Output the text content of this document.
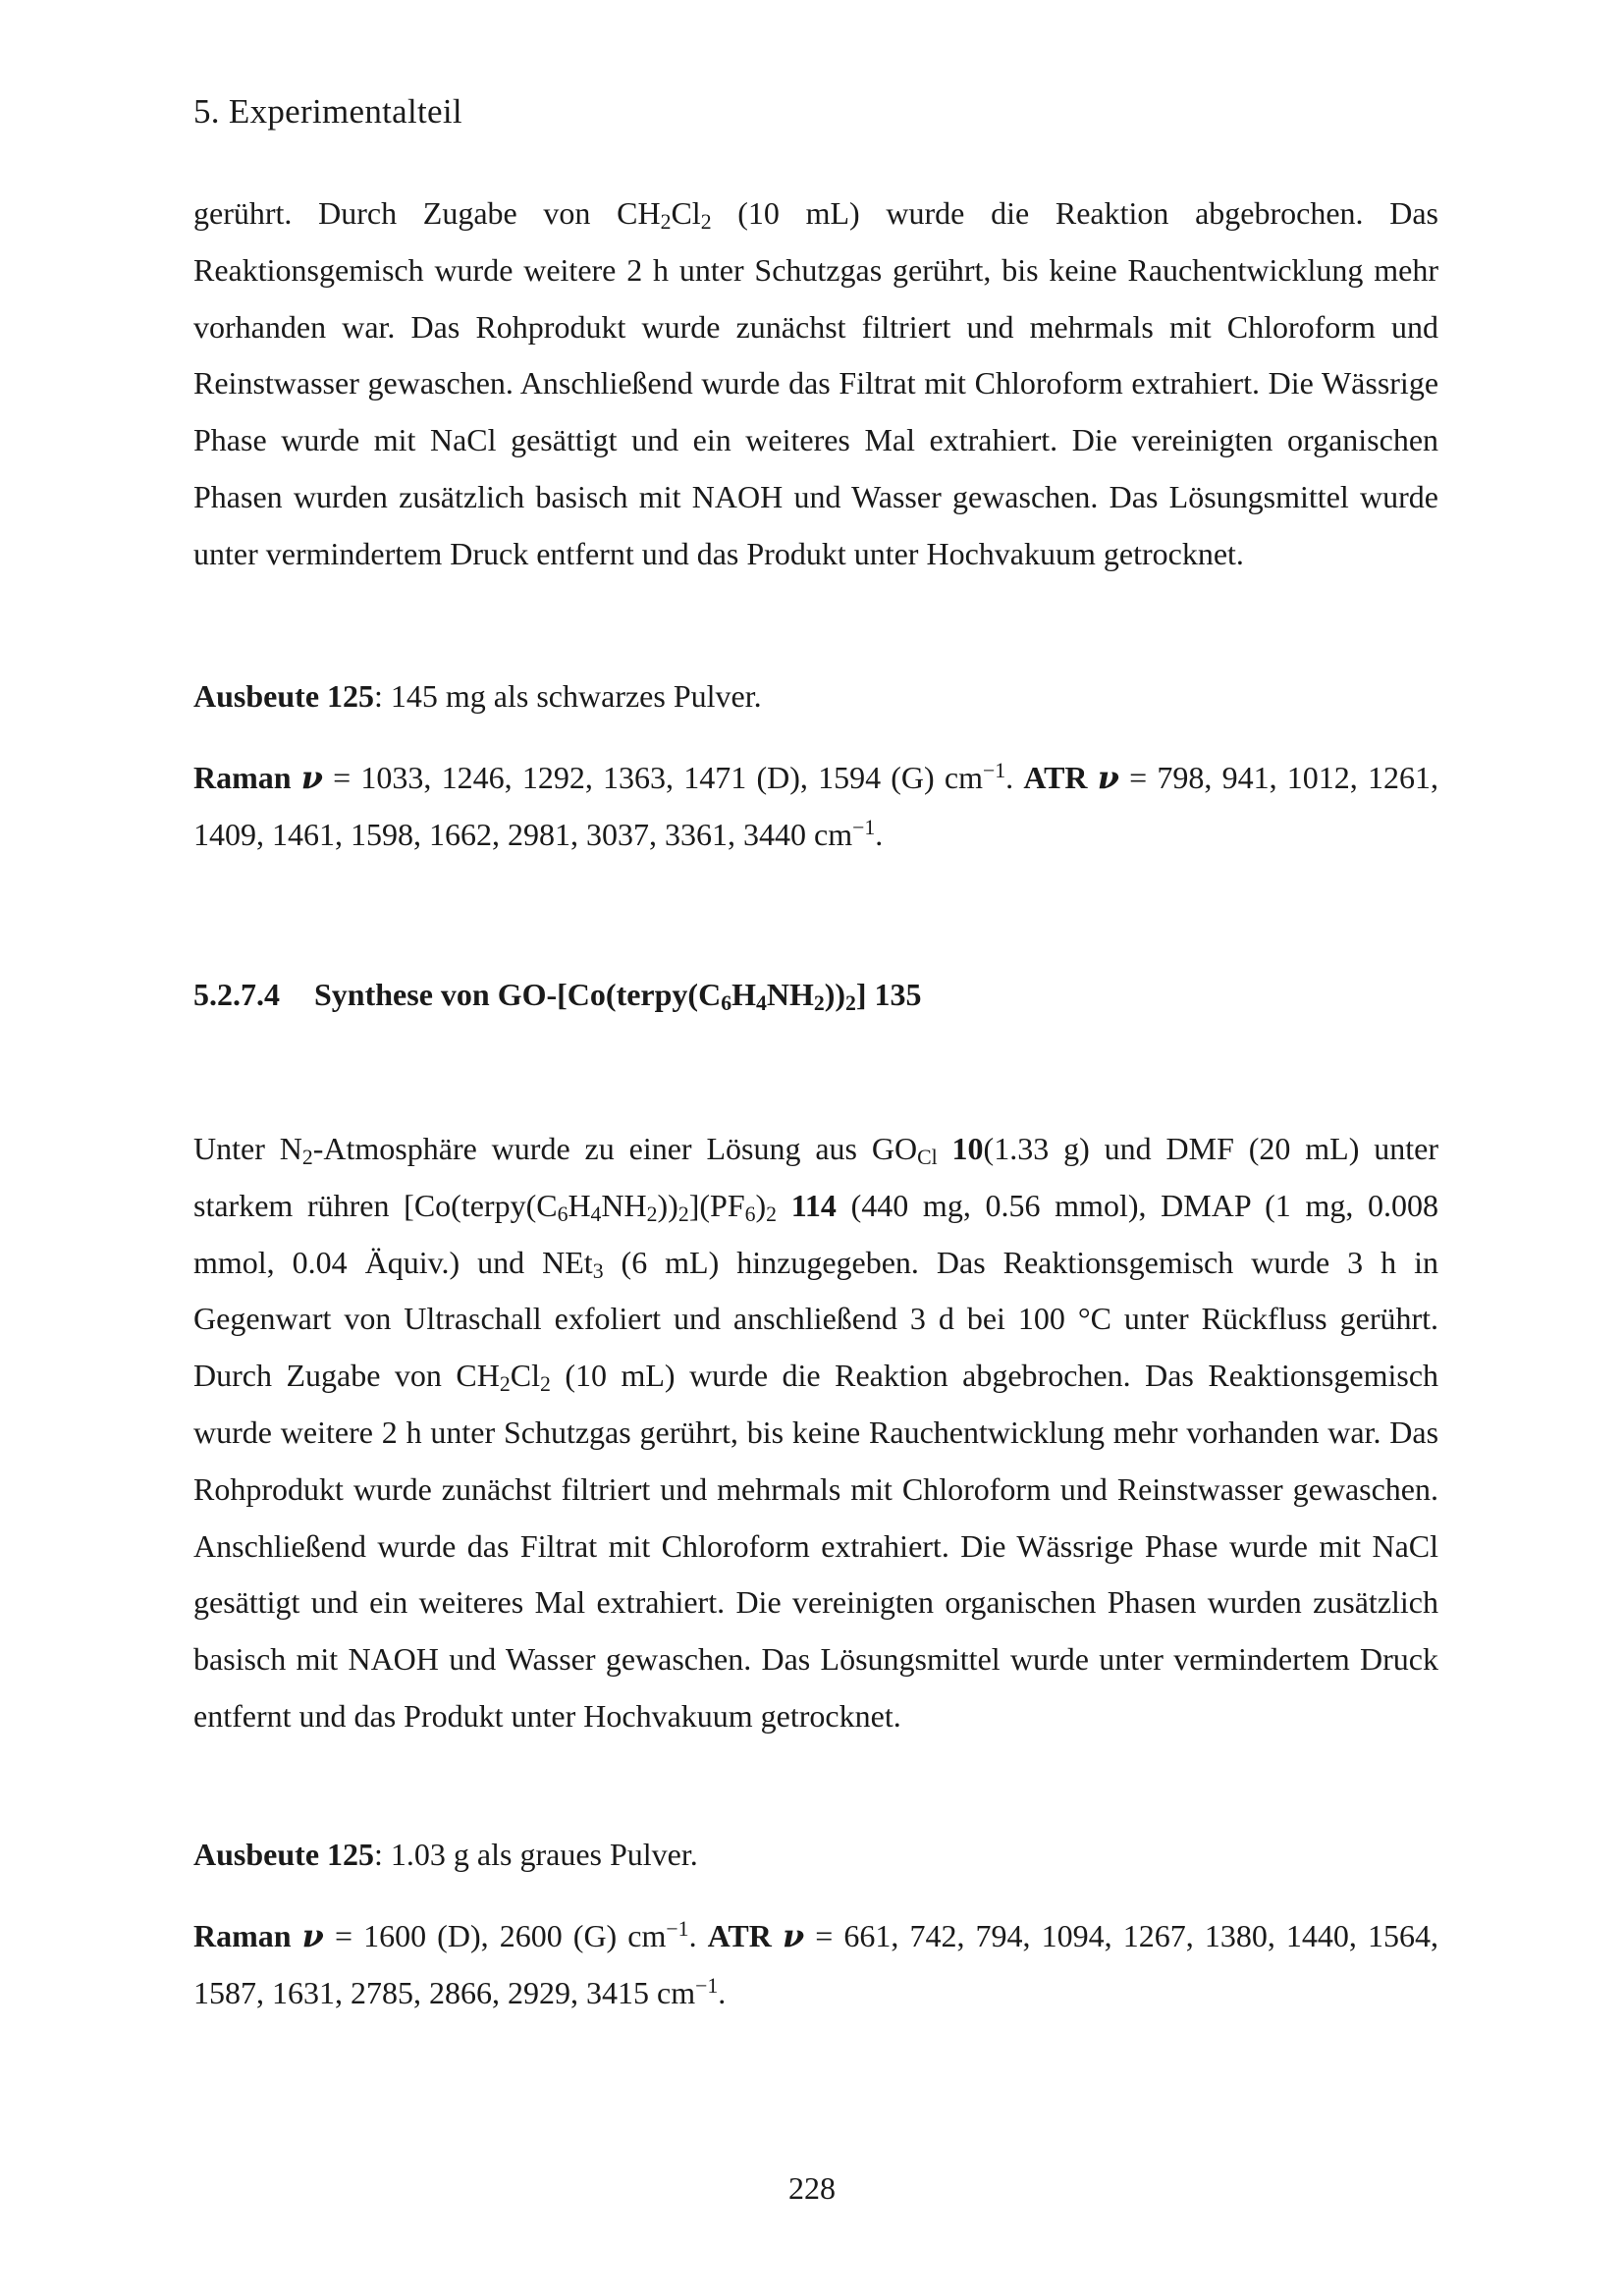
5. Experimentalteil
gerührt. Durch Zugabe von $CH_2Cl_2$ (10 mL) wurde die Reaktion abgebrochen. Das Reaktionsgemisch wurde weitere 2 h unter Schutzgas gerührt, bis keine Rauchentwicklung mehr vorhanden war. Das Rohprodukt wurde zunächst filtriert und mehrmals mit Chloroform und Reinstwasser gewaschen. Anschließend wurde das Filtrat mit Chloroform extrahiert. Die Wässrige Phase wurde mit NaCl gesättigt und ein weiteres Mal extrahiert. Die vereinigten organischen Phasen wurden zusätzlich basisch mit NAOH und Wasser gewaschen. Das Lösungsmittel wurde unter vermindertem Druck entfernt und das Produkt unter Hochvakuum getrocknet.
Ausbeute 125: 145 mg als schwarzes Pulver.
Raman ν = 1033, 1246, 1292, 1363, 1471 (D), 1594 (G) $cm^{-1}$. ATR ν = 798, 941, 1012, 1261, 1409, 1461, 1598, 1662, 2981, 3037, 3361, 3440 $cm^{-1}$.
5.2.7.4 Synthese von $GO-[Co(terpy(C_6H_4NH_2))_2]$ 135
Unter $N_2$-Atmosphäre wurde zu einer Lösung aus $GO_{Cl}$ 10(1.33 g) und DMF (20 mL) unter starkem rühren $[Co(terpy(C_6H_4NH_2))_2](PF_6)_2$ 114 (440 mg, 0.56 mmol), DMAP (1 mg, 0.008 mmol, 0.04 Äquiv.) und NEt$_3$ (6 mL) hinzugegeben. Das Reaktionsgemisch wurde 3 h in Gegenwart von Ultraschall exfoliert und anschließend 3 d bei 100 °C unter Rückfluss gerührt. Durch Zugabe von $CH_2Cl_2$ (10 mL) wurde die Reaktion abgebrochen. Das Reaktionsgemisch wurde weitere 2 h unter Schutzgas gerührt, bis keine Rauchentwicklung mehr vorhanden war. Das Rohprodukt wurde zunächst filtriert und mehrmals mit Chloroform und Reinstwasser gewaschen. Anschließend wurde das Filtrat mit Chloroform extrahiert. Die Wässrige Phase wurde mit NaCl gesättigt und ein weiteres Mal extrahiert. Die vereinigten organischen Phasen wurden zusätzlich basisch mit NAOH und Wasser gewaschen. Das Lösungsmittel wurde unter vermindertem Druck entfernt und das Produkt unter Hochvakuum getrocknet.
Ausbeute 125: 1.03 g als graues Pulver.
Raman ν = 1600 (D), 2600 (G) $cm^{-1}$. ATR ν = 661, 742, 794, 1094, 1267, 1380, 1440, 1564, 1587, 1631, 2785, 2866, 2929, 3415 $cm^{-1}$.
228
